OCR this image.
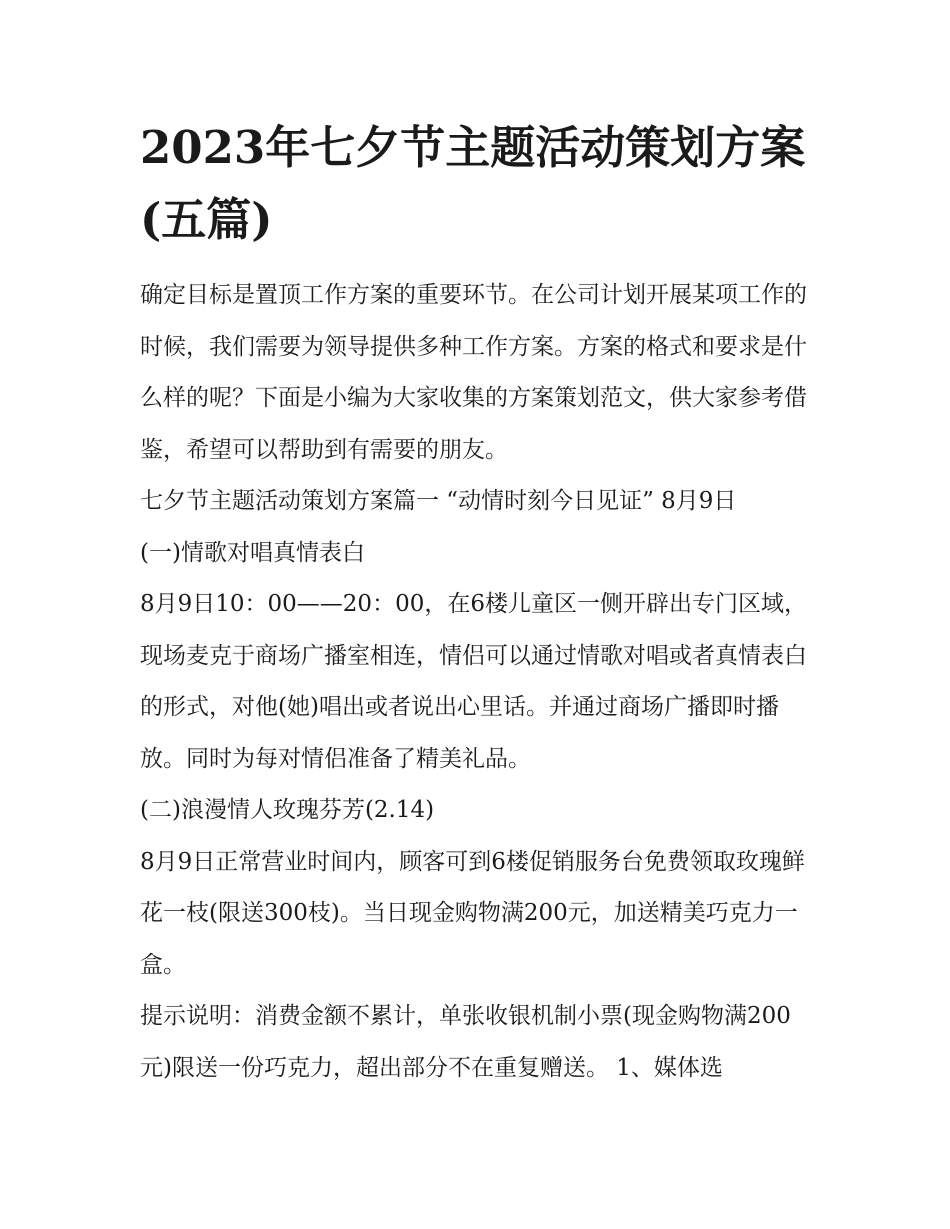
2023年七夕节主题活动策划方案(五篇)

确定目标是置顶工作方案的重要环节。在公司计划开展某项工作的时候，我们需要为领导提供多种工作方案。方案的格式和要求是什么样的呢？下面是小编为大家收集的方案策划范文，供大家参考借鉴，希望可以帮助到有需要的朋友。

七夕节主题活动策划方案篇一 “动情时刻今日见证” 8月9日

(一)情歌对唱真情表白

8月9日10：00——20：00，在6楼儿童区一侧开辟出专门区域，现场麦克于商场广播室相连，情侣可以通过情歌对唱或者真情表白的形式，对他(她)唱出或者说出心里话。并通过商场广播即时播放。同时为每对情侣准备了精美礼品。

(二)浪漫情人玫瑰芬芳(2.14)

8月9日正常营业时间内，顾客可到6楼促销服务台免费领取玫瑰鲜花一枝(限送300枝)。当日现金购物满200元，加送精美巧克力一盒。

提示说明：消费金额不累计，单张收银机制小票(现金购物满200元)限送一份巧克力，超出部分不在重复赠送。 1、媒体选
